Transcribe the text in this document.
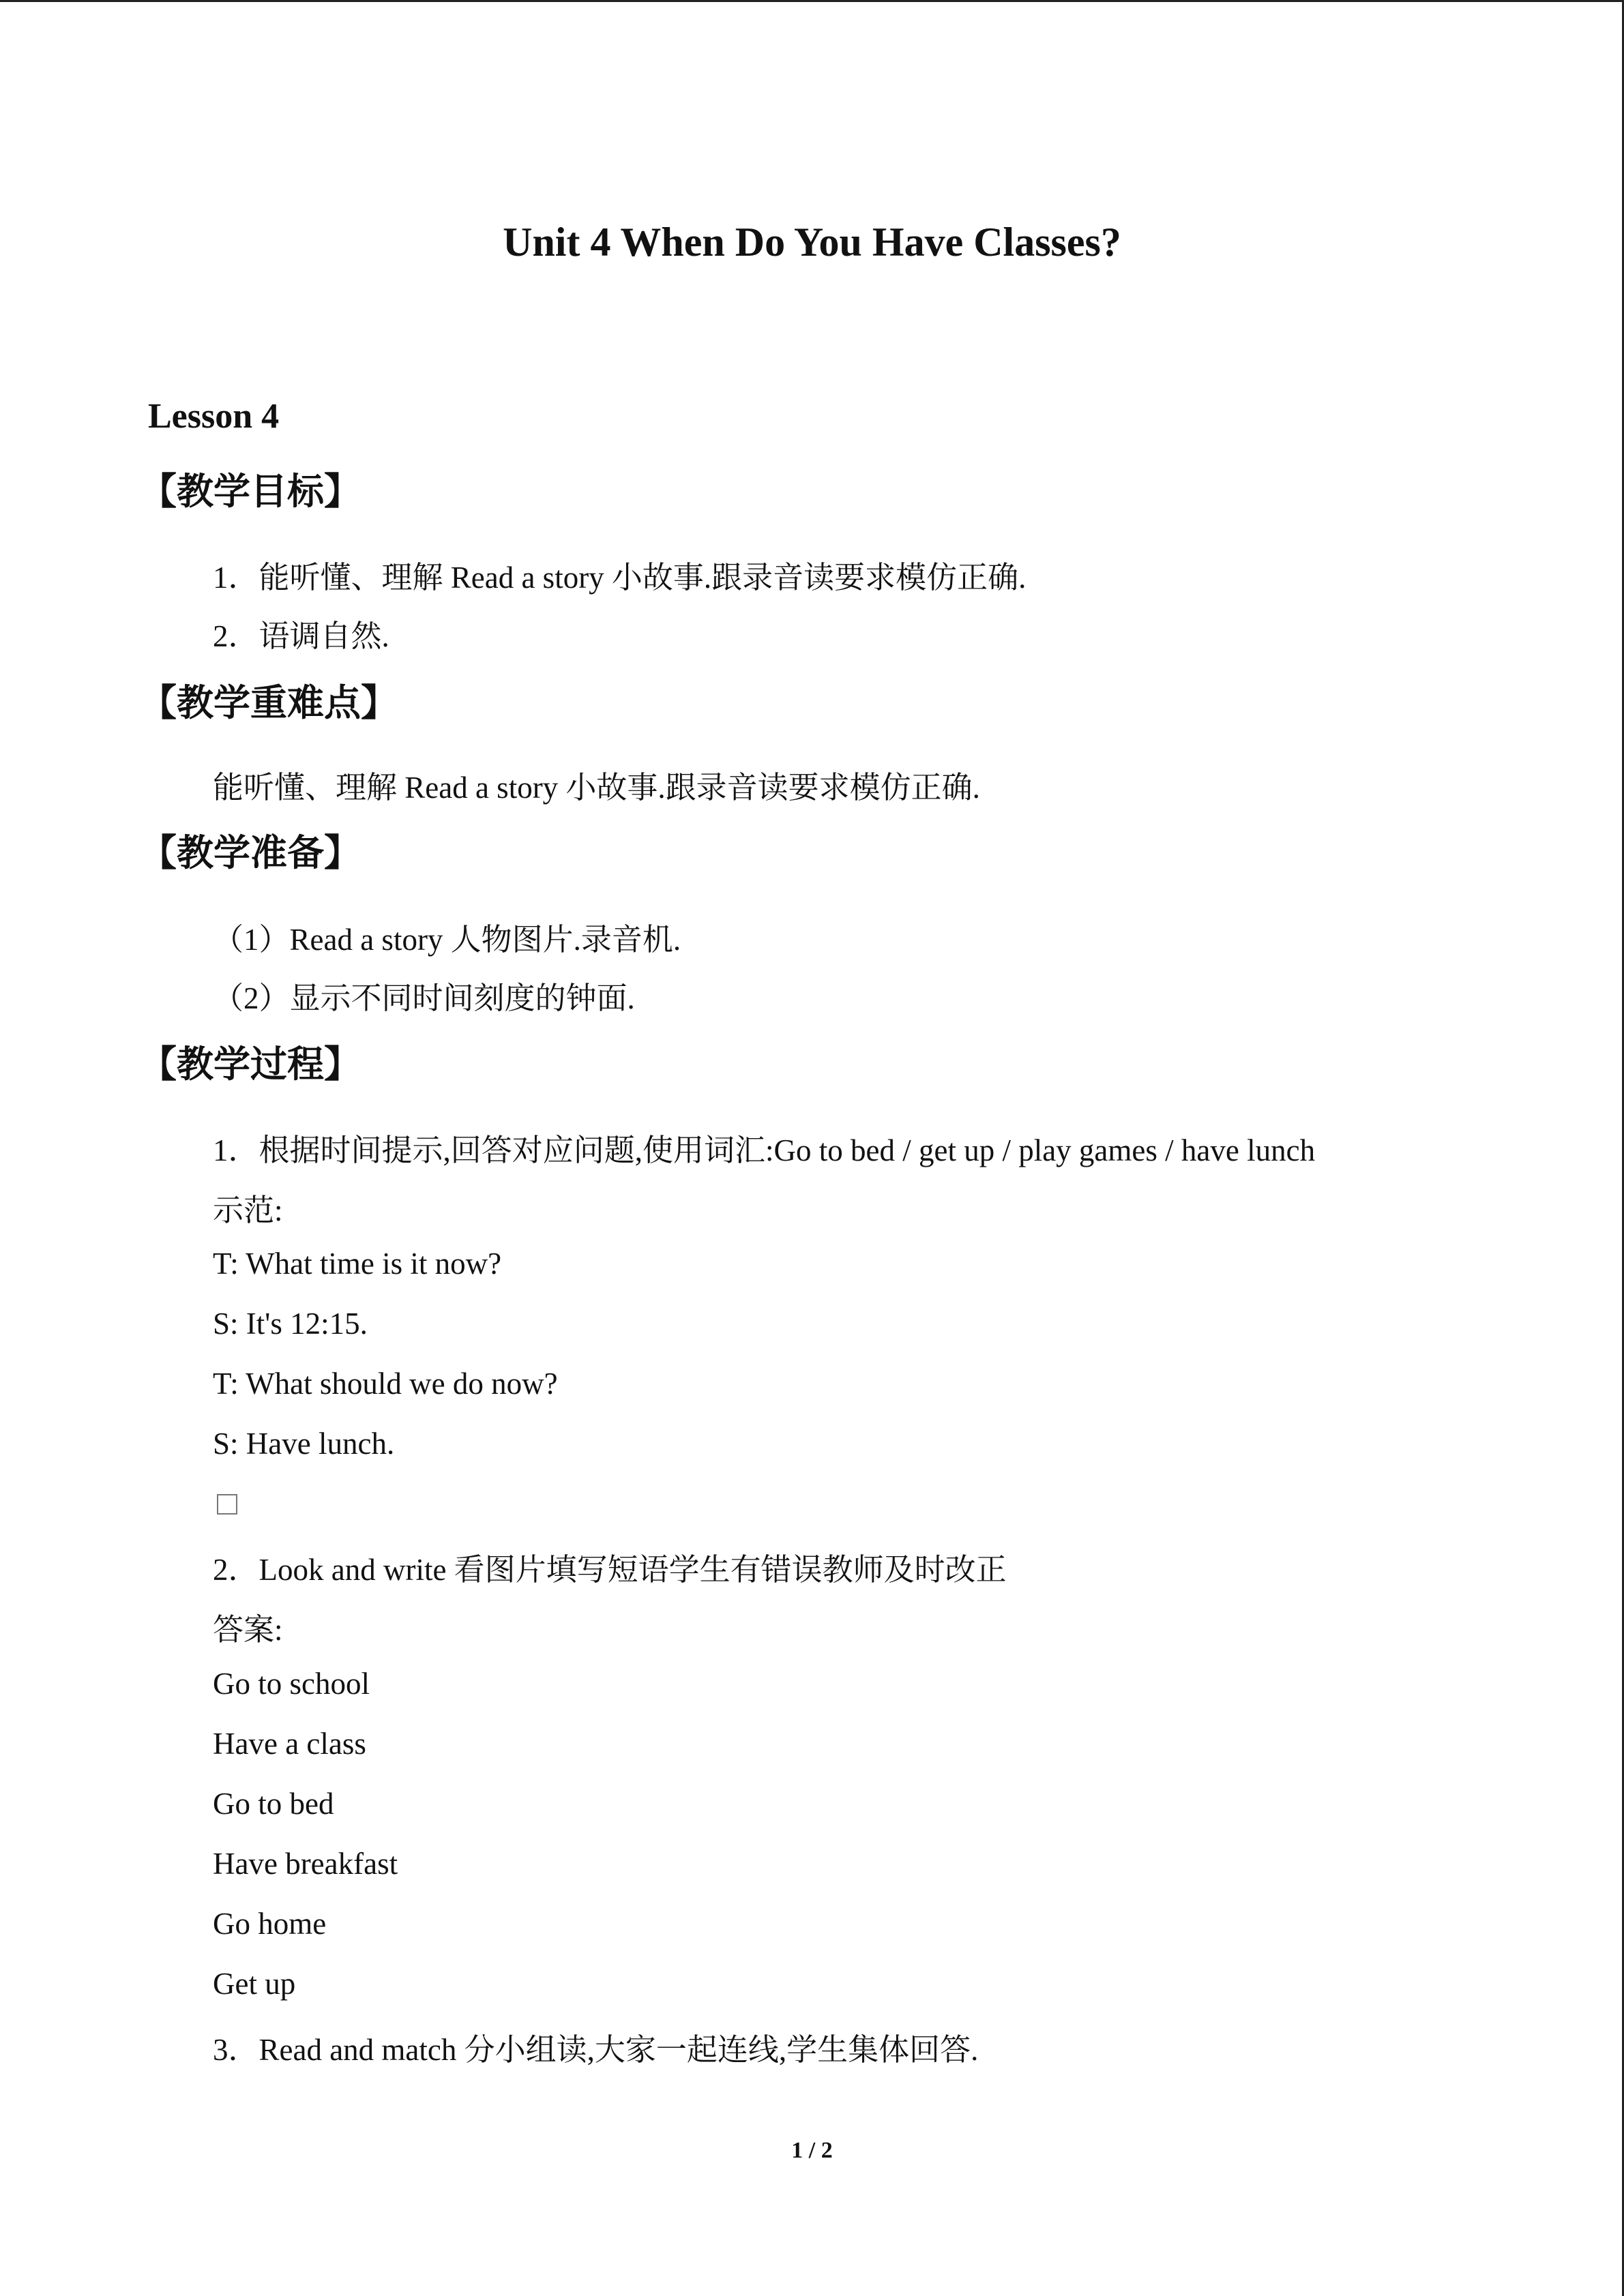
Unit 4 When Do You Have Classes?
Lesson 4
【教学目标】
1．能听懂、理解 Read a story 小故事.跟录音读要求模仿正确.
2．语调自然.
【教学重难点】
能听懂、理解 Read a story 小故事.跟录音读要求模仿正确.
【教学准备】
（1）Read a story 人物图片.录音机.
（2）显示不同时间刻度的钟面.
【教学过程】
1．根据时间提示,回答对应问题,使用词汇:Go to bed / get up / play games / have lunch
示范:
T: What time is it now?
S: It's 12:15.
T: What should we do now?
S: Have lunch.
2．Look and write 看图片填写短语学生有错误教师及时改正
答案:
Go to school
Have a class
Go to bed
Have breakfast
Go home
Get up
3．Read and match 分小组读,大家一起连线,学生集体回答.
1 / 2
